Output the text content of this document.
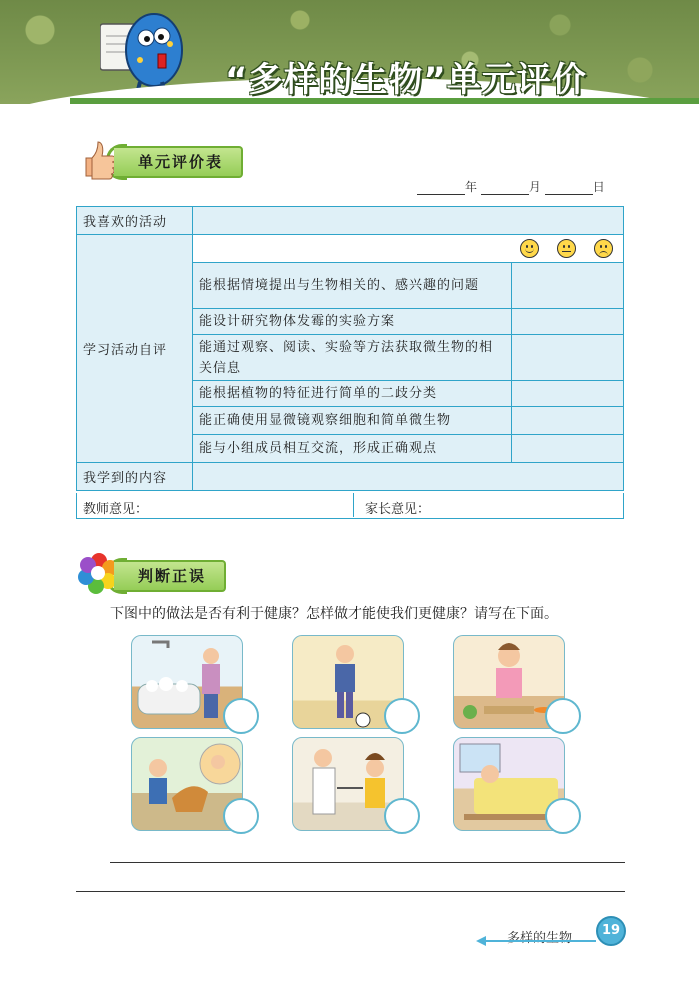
“多样的生物”单元评价
单元评价表
年	月	日
我喜欢的活动		
学习活动自评		

	能根据情境提出与生物相关的、感兴趣的问题	
	能设计研究物体发霉的实验方案	
	能通过观察、阅读、实验等方法获取微生物的相关信息	
	能根据植物的特征进行简单的二歧分类	
	能正确使用显微镜观察细胞和简单微生物	
	能与小组成员相互交流，形成正确观点	
我学到的内容		
教师意见：	家长意见：
判断正误
下图中的做法是否有利于健康？怎样做才能使我们更健康？请写在下面。
多样的生物
19
